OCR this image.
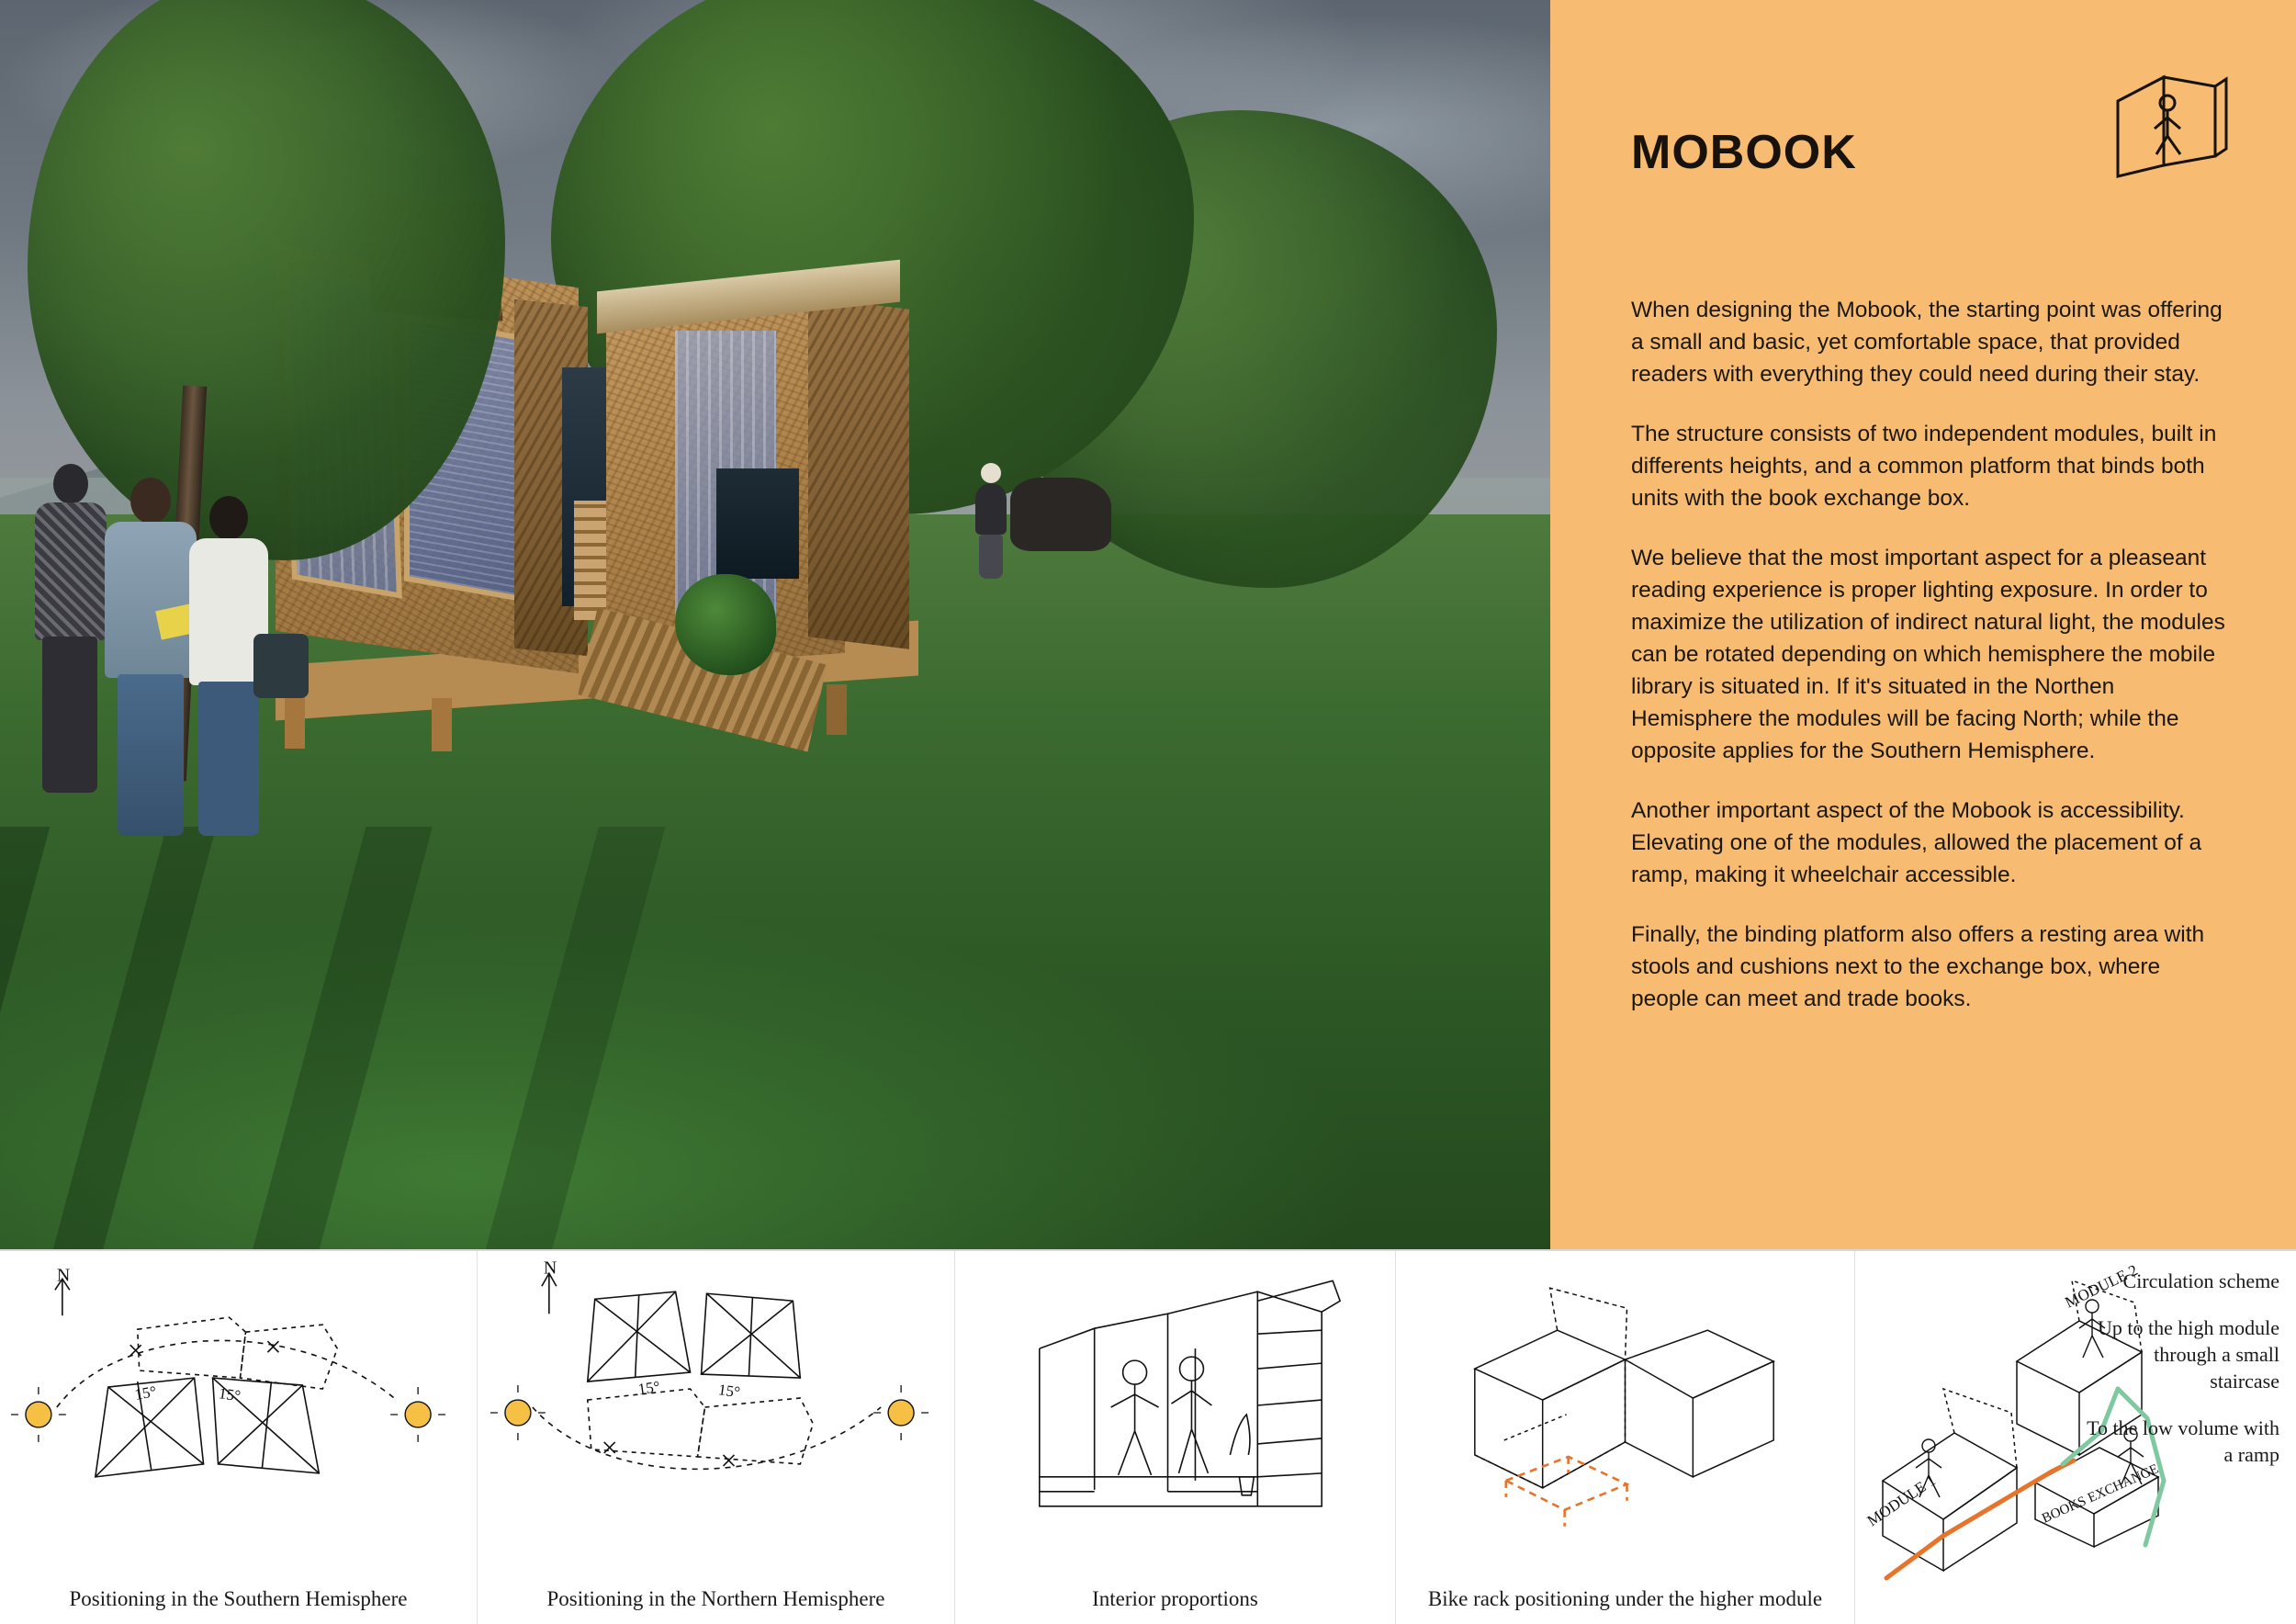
MOBOOK

When designing the Mobook, the starting point was offering a small and basic, yet comfortable space, that provided readers with everything they could need during their stay.

The structure consists of two independent modules, built in differents heights, and a common platform that binds both units with the book exchange box.

We believe that the most important aspect for a pleaseant reading experience is proper lighting exposure. In order to maximize the utilization of indirect natural light, the modules can be rotated depending on which hemisphere the mobile library is situated in. If it's situated in the Northen Hemisphere the modules will be facing North; while the opposite applies for the Southern Hemisphere.

Another important aspect of the Mobook is accessibility. Elevating one of the modules, allowed the placement of a ramp, making it wheelchair accessible.

Finally, the binding platform also offers a resting area with stools and cushions next to the exchange box, where people can meet and trade books.

N
15°	15°
Positioning in the Southern Hemisphere
N
15°	15°
Positioning in the Northern Hemisphere	Interior proportions	Bike rack positioning under the higher module
MODULE 1
MODULE 2
BOOKS EXCHANGE
Circulation scheme
Up to the high module through a small staircase
To the low volume with a ramp
